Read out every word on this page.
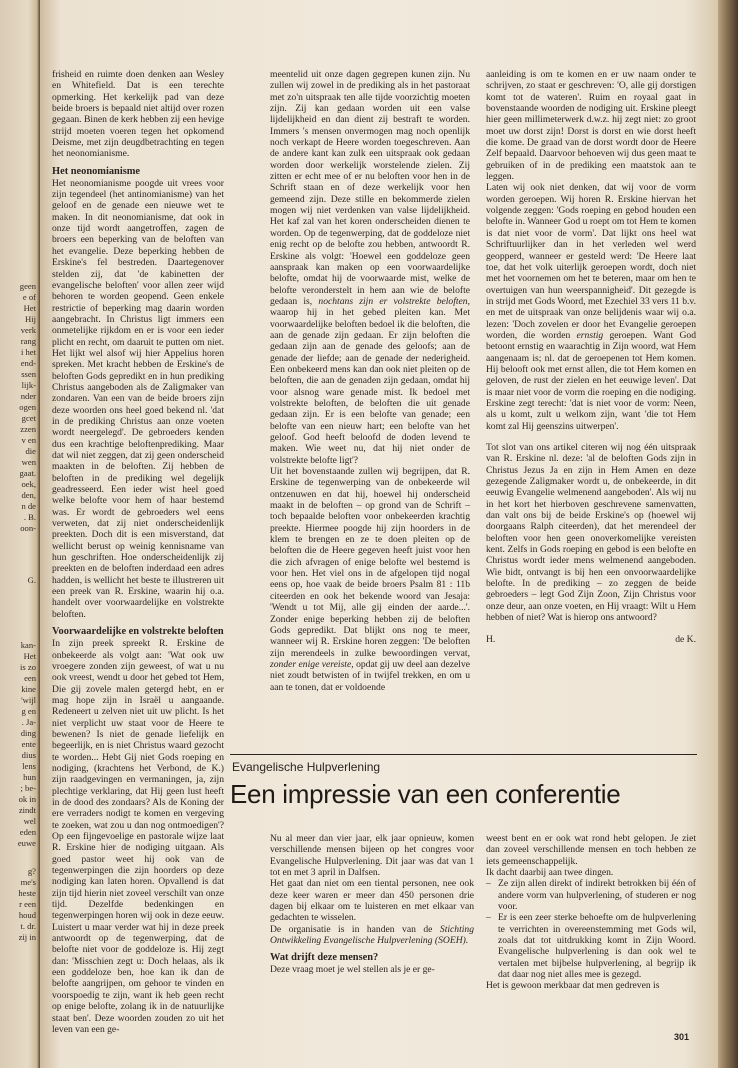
geen
e of
Het
Hij
verk
rang
i het
end-
ssen
lijk-
nder
ogen
gcet
zzen
v en
die
wen
gaat.
oek,
den,
n de
. B.
oon-
G.
kan-
Het
is zo
een
kine
'wijl
g en
. Ja-
ding
ente
dius
lens
hun
; be-
ok in
zindt
wel
eden
euwe
g?
me's
heste
r een
houd
t. dr.
zij in

frisheid en ruimte doen denken aan Wesley en Whitefield. Dat is een terechte opmerking. Het kerkelijk pad van deze beide broers is bepaald niet altijd over rozen gegaan. Binen de kerk hebben zij een hevige strijd moeten voeren tegen het opkomend Deisme, met zijn deugdbetrachting en tegen het neonomianisme.

Het neonomianisme

Het neonomianisme poogde uit vrees voor zijn tegendeel (het antinomianisme) van het geloof en de genade een nieuwe wet te maken. In dit neonomianisme, dat ook in onze tijd wordt aangetroffen, zagen de broers een beperking van de beloften van het evangelie. Deze beperking hebben de Erskine's fel bestreden. Daartegenover stelden zij, dat 'de kabinetten der evangelische beloften' voor allen zeer wijd behoren te worden geopend. Geen enkele restrictie of beperking mag daarin worden aangebracht. In Christus ligt immers een onmetelijke rijkdom en er is voor een ieder plicht en recht, om daaruit te putten om niet. Het lijkt wel alsof wij hier Appelius horen spreken. Met kracht hebben de Erskine's de beloften Gods gepredikt en in hun prediking Christus aangeboden als de Zaligmaker van zondaren. Van een van de beide broers zijn deze woorden ons heel goed bekend nl. 'dat in de prediking Christus aan onze voeten wordt neergelegd'. De gebroeders kenden dus een krachtige beloftenprediking. Maar dat wil niet zeggen, dat zij geen onderscheid maakten in de beloften. Zij hebben de beloften in de prediking wel degelijk geadresseerd. Een ieder wist heel goed welke belofte voor hem of haar bestemd was. Er wordt de gebroeders wel eens verweten, dat zij niet onderscheidenlijk preekten. Doch dit is een misverstand, dat wellicht berust op weinig kennisname van hun geschriften. Hoe onderscheidenlijk zij preekten en de beloften inderdaad een adres hadden, is wellicht het beste te illustreren uit een preek van R. Erskine, waarin hij o.a. handelt over voorwaardelijke en volstrekte beloften.

Voorwaardelijke en volstrekte beloften

In zijn preek spreekt R. Erskine de onbekeerde als volgt aan: 'Wat ook uw vroegere zonden zijn geweest, of wat u nu ook vreest, wendt u door het gebed tot Hem, Die gij zovele malen getergd hebt, en er mag hope zijn in Israël u aangaande. Redeneert u zelven niet uit uw plicht. Is het niet verplicht uw staat voor de Heere te bewenen? Is niet de genade liefelijk en begeerlijk, en is niet Christus waard gezocht te worden... Hebt Gij niet Gods roeping en nodiging, (krachtens het Verbond, de K.) zijn raadgevingen en vermaningen, ja, zijn plechtige verklaring, dat Hij geen lust heeft in de dood des zondaars? Als de Koning der ere verraders nodigt te komen en vergeving te zoeken, wat zou u dan nog ontmoedigen'? Op een fijngevoelige en pastorale wijze laat R. Erskine hier de nodiging uitgaan. Als goed pastor weet hij ook van de tegenwerpingen die zijn hoorders op deze nodiging kan laten horen. Opvallend is dat zijn tijd hierin niet zoveel verschilt van onze tijd. Dezelfde bedenkingen en tegenwerpingen horen wij ook in deze eeuw. Luistert u maar verder wat hij in deze preek antwoordt op de tegenwerping, dat de belofte niet voor de goddeloze is. Hij zegt dan: 'Misschien zegt u: Doch helaas, als ik een goddeloze ben, hoe kan ik dan de belofte aangrijpen, om gehoor te vinden en voorspoedig te zijn, want ik heb geen recht op enige belofte, zolang ik in de natuurlijke staat ben'. Deze woorden zouden zo uit het leven van een ge-

meentelid uit onze dagen gegrepen kunen zijn. Nu zullen wij zowel in de prediking als in het pastoraat met zo'n uitspraak ten alle tijde voorzichtig moeten zijn. Zij kan gedaan worden uit een valse lijdelijkheid en dan dient zij bestraft te worden. Immers 's mensen onvermogen mag noch openlijk noch verkapt de Heere worden toegeschreven. Aan de andere kant kan zulk een uitspraak ook gedaan worden door werkelijk worstelende zielen. Zij zitten er echt mee of er nu beloften voor hen in de Schrift staan en of deze werkelijk voor hen gemeend zijn. Deze stille en bekommerde zielen mogen wij niet verdenken van valse lijdelijkheid. Het kaf zal van het koren onderscheiden dienen te worden. Op de tegenwerping, dat de goddeloze niet enig recht op de belofte zou hebben, antwoordt R. Erskine als volgt: 'Hoewel een goddeloze geen aanspraak kan maken op een voorwaardelijke belofte, omdat hij de voorwaarde mist, welke de belofte veronderstelt in hem aan wie de belofte gedaan is, nochtans zijn er volstrekte beloften, waarop hij in het gebed pleiten kan. Met voorwaardelijke beloften bedoel ik die beloften, die aan de genade zijn gedaan. Er zijn beloften die gedaan zijn aan de genade des geloofs; aan de genade der liefde; aan de genade der nederigheid. Een onbekeerd mens kan dan ook niet pleiten op de beloften, die aan de genaden zijn gedaan, omdat hij voor alsnog ware genade mist. Ik bedoel met volstrekte beloften, de beloften die uit genade gedaan zijn. Er is een belofte van genade; een belofte van een nieuw hart; een belofte van het geloof. God heeft beloofd de doden levend te maken. Wie weet nu, dat hij niet onder de volstrekte belofte ligt'?

Uit het bovenstaande zullen wij begrijpen, dat R. Erskine de tegenwerping van de onbekeerde wil ontzenuwen en dat hij, hoewel hij onderscheid maakt in de beloften – op grond van de Schrift – toch bepaalde beloften voor onbekeerden krachtig preekte. Hiermee poogde hij zijn hoorders in de klem te brengen en ze te doen pleiten op de beloften die de Heere gegeven heeft juist voor hen die zich afvragen of enige belofte wel bestemd is voor hen. Het viel ons in de afgelopen tijd nogal eens op, hoe vaak de beide broers Psalm 81 : 11b citeerden en ook het bekende woord van Jesaja: 'Wendt u tot Mij, alle gij einden der aarde...'. Zonder enige beperking hebben zij de beloften Gods gepredikt. Dat blijkt ons nog te meer, wanneer wij R. Erskine horen zeggen: 'De beloften zijn merendeels in zulke bewoordingen vervat, zonder enige vereiste, opdat gij uw deel aan dezelve niet zoudt betwisten of in twijfel trekken, en om u aan te tonen, dat er voldoende

aanleiding is om te komen en er uw naam onder te schrijven, zo staat er geschreven: 'O, alle gij dorstigen komt tot de wateren'. Ruim en royaal gaat in bovenstaande woorden de nodiging uit. Erskine pleegt hier geen millimeterwerk d.w.z. hij zegt niet: zo groot moet uw dorst zijn! Dorst is dorst en wie dorst heeft die kome. De graad van de dorst wordt door de Heere Zelf bepaald. Daarvoor behoeven wij dus geen maat te gebruiken of in de prediking een maatstok aan te leggen.

Laten wij ook niet denken, dat wij voor de vorm worden geroepen. Wij horen R. Erskine hiervan het volgende zeggen: 'Gods roeping en gebod houden een belofte in. Wanneer God u roept om tot Hem te komen is dat niet voor de vorm'. Dat lijkt ons heel wat Schriftuurlijker dan in het verleden wel werd geopperd, wanneer er gesteld werd: 'De Heere laat toe, dat het volk uiterlijk geroepen wordt, doch niet met het voornemen om het te beteren, maar om hen te overtuigen van hun weerspannigheid'. Dit gezegde is in strijd met Gods Woord, met Ezechiel 33 vers 11 b.v. en met de uitspraak van onze belijdenis waar wij o.a. lezen: 'Doch zovelen er door het Evangelie geroepen worden, die worden ernstig geroepen. Want God betoont ernstig en waarachtig in Zijn woord, wat Hem aangenaam is; nl. dat de geroepenen tot Hem komen. Hij belooft ook met ernst allen, die tot Hem komen en geloven, de rust der zielen en het eeuwige leven'. Dat is maar niet voor de vorm die roeping en die nodiging. Erskine zegt terecht: 'dat is niet voor de vorm: Neen, als u komt, zult u welkom zijn, want 'die tot Hem komt zal Hij geenszins uitwerpen'.

Tot slot van ons artikel citeren wij nog één uitspraak van R. Erskine nl. deze: 'al de beloften Gods zijn in Christus Jezus Ja en zijn in Hem Amen en deze gezegende Zaligmaker wordt u, de onbekeerde, in dit eeuwig Evangelie welmenend aangeboden'. Als wij nu in het kort het hierboven geschrevene samenvatten, dan valt ons bij de beide Erskine's op (hoewel wij doorgaans Ralph citeerden), dat het merendeel der beloften voor hen geen onoverkomelijke vereisten kent. Zelfs in Gods roeping en gebod is een belofte en Christus wordt ieder mens welmenend aangeboden. Wie bidt, ontvangt is bij hen een onvoorwaardelijke belofte. In de prediking – zo zeggen de beide gebroeders – legt God Zijn Zoon, Zijn Christus voor onze deur, aan onze voeten, en Hij vraagt: Wilt u Hem hebben of niet? Wat is hierop ons antwoord?

H.	de K.
Evangelische Hulpverlening
Een impressie van een conferentie

Nu al meer dan vier jaar, elk jaar opnieuw, komen verschillende mensen bijeen op het congres voor Evangelische Hulpverlening. Dit jaar was dat van 1 tot en met 3 april in Dalfsen.

Het gaat dan niet om een tiental personen, nee ook deze keer waren er meer dan 450 personen drie dagen bij elkaar om te luisteren en met elkaar van gedachten te wisselen.

De organisatie is in handen van de Stichting Ontwikkeling Evangelische Hulpverlening (SOEH).

Wat drijft deze mensen?

Deze vraag moet je wel stellen als je er ge-

weest bent en er ook wat rond hebt gelopen. Je ziet dan zoveel verschillende mensen en toch hebben ze iets gemeenschappelijk.

Ik dacht daarbij aan twee dingen.

– Ze zijn allen direkt of indirekt betrokken bij één of andere vorm van hulpverlening, of studeren er nog voor.
– Er is een zeer sterke behoefte om de hulpverlening te verrichten in overeenstemming met Gods wil, zoals dat tot uitdrukking komt in Zijn Woord. Evangelische hulpverlening is dan ook wel te vertalen met bijbelse hulpverlening, al begrijp ik dat daar nog niet alles mee is gezegd.

Het is gewoon merkbaar dat men gedreven is

301
